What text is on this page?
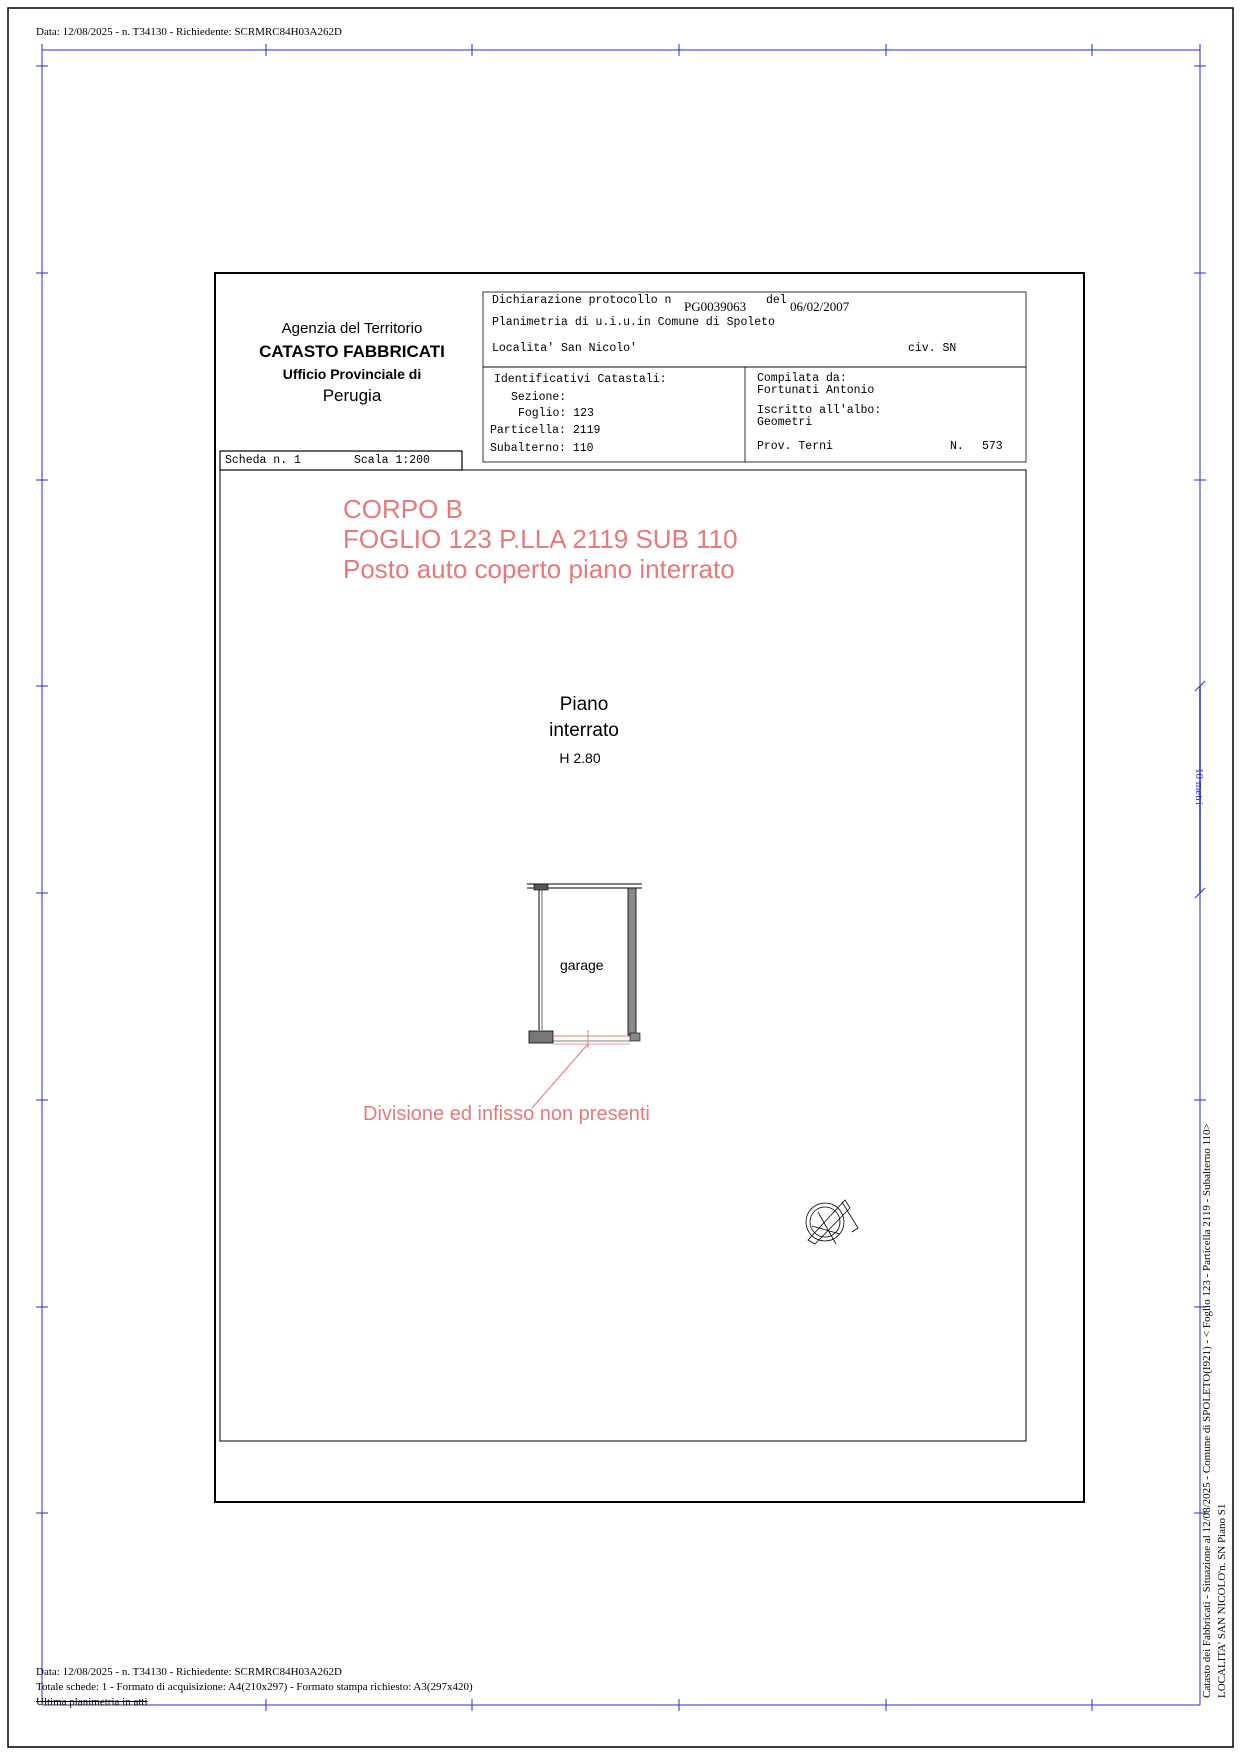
Data: 12/08/2025 - n. T34130 - Richiedente: SCRMRC84H03A262D
Agenzia del Territorio
CATASTO FABBRICATI
Ufficio Provinciale di
Perugia
Dichiarazione protocollo n PG0039063 del 06/02/2007
Planimetria di u.i.u.in Comune di Spoleto
Localita' San Nicolo'	civ. SN
Identificativi Catastali:
Sezione:
Foglio: 123
Particella: 2119
Subalterno: 110
Compilata da:
Fortunati Antonio
Iscritto all'albo:
Geometri
Prov. Terni	N. 573
Scheda n. 1	Scala 1:200
CORPO B
FOGLIO 123 P.LLA 2119 SUB 110
Posto auto coperto piano interrato
Divisione ed infisso non presenti
Piano
interrato
H 2.80
garage
10 metri
Data: 12/08/2025 - n. T34130 - Richiedente: SCRMRC84H03A262D
Totale schede: 1 - Formato di acquisizione: A4(210x297) - Formato stampa richiesto: A3(297x420)
Ultima planimetria in atti
Catasto dei Fabbricati - Situazione al 12/08/2025 - Comune di SPOLETO(I921) - < Foglio 123 - Particella 2119 - Subalterno 110> LOCALITA' SAN NICOLO'n. SN Piano S1
